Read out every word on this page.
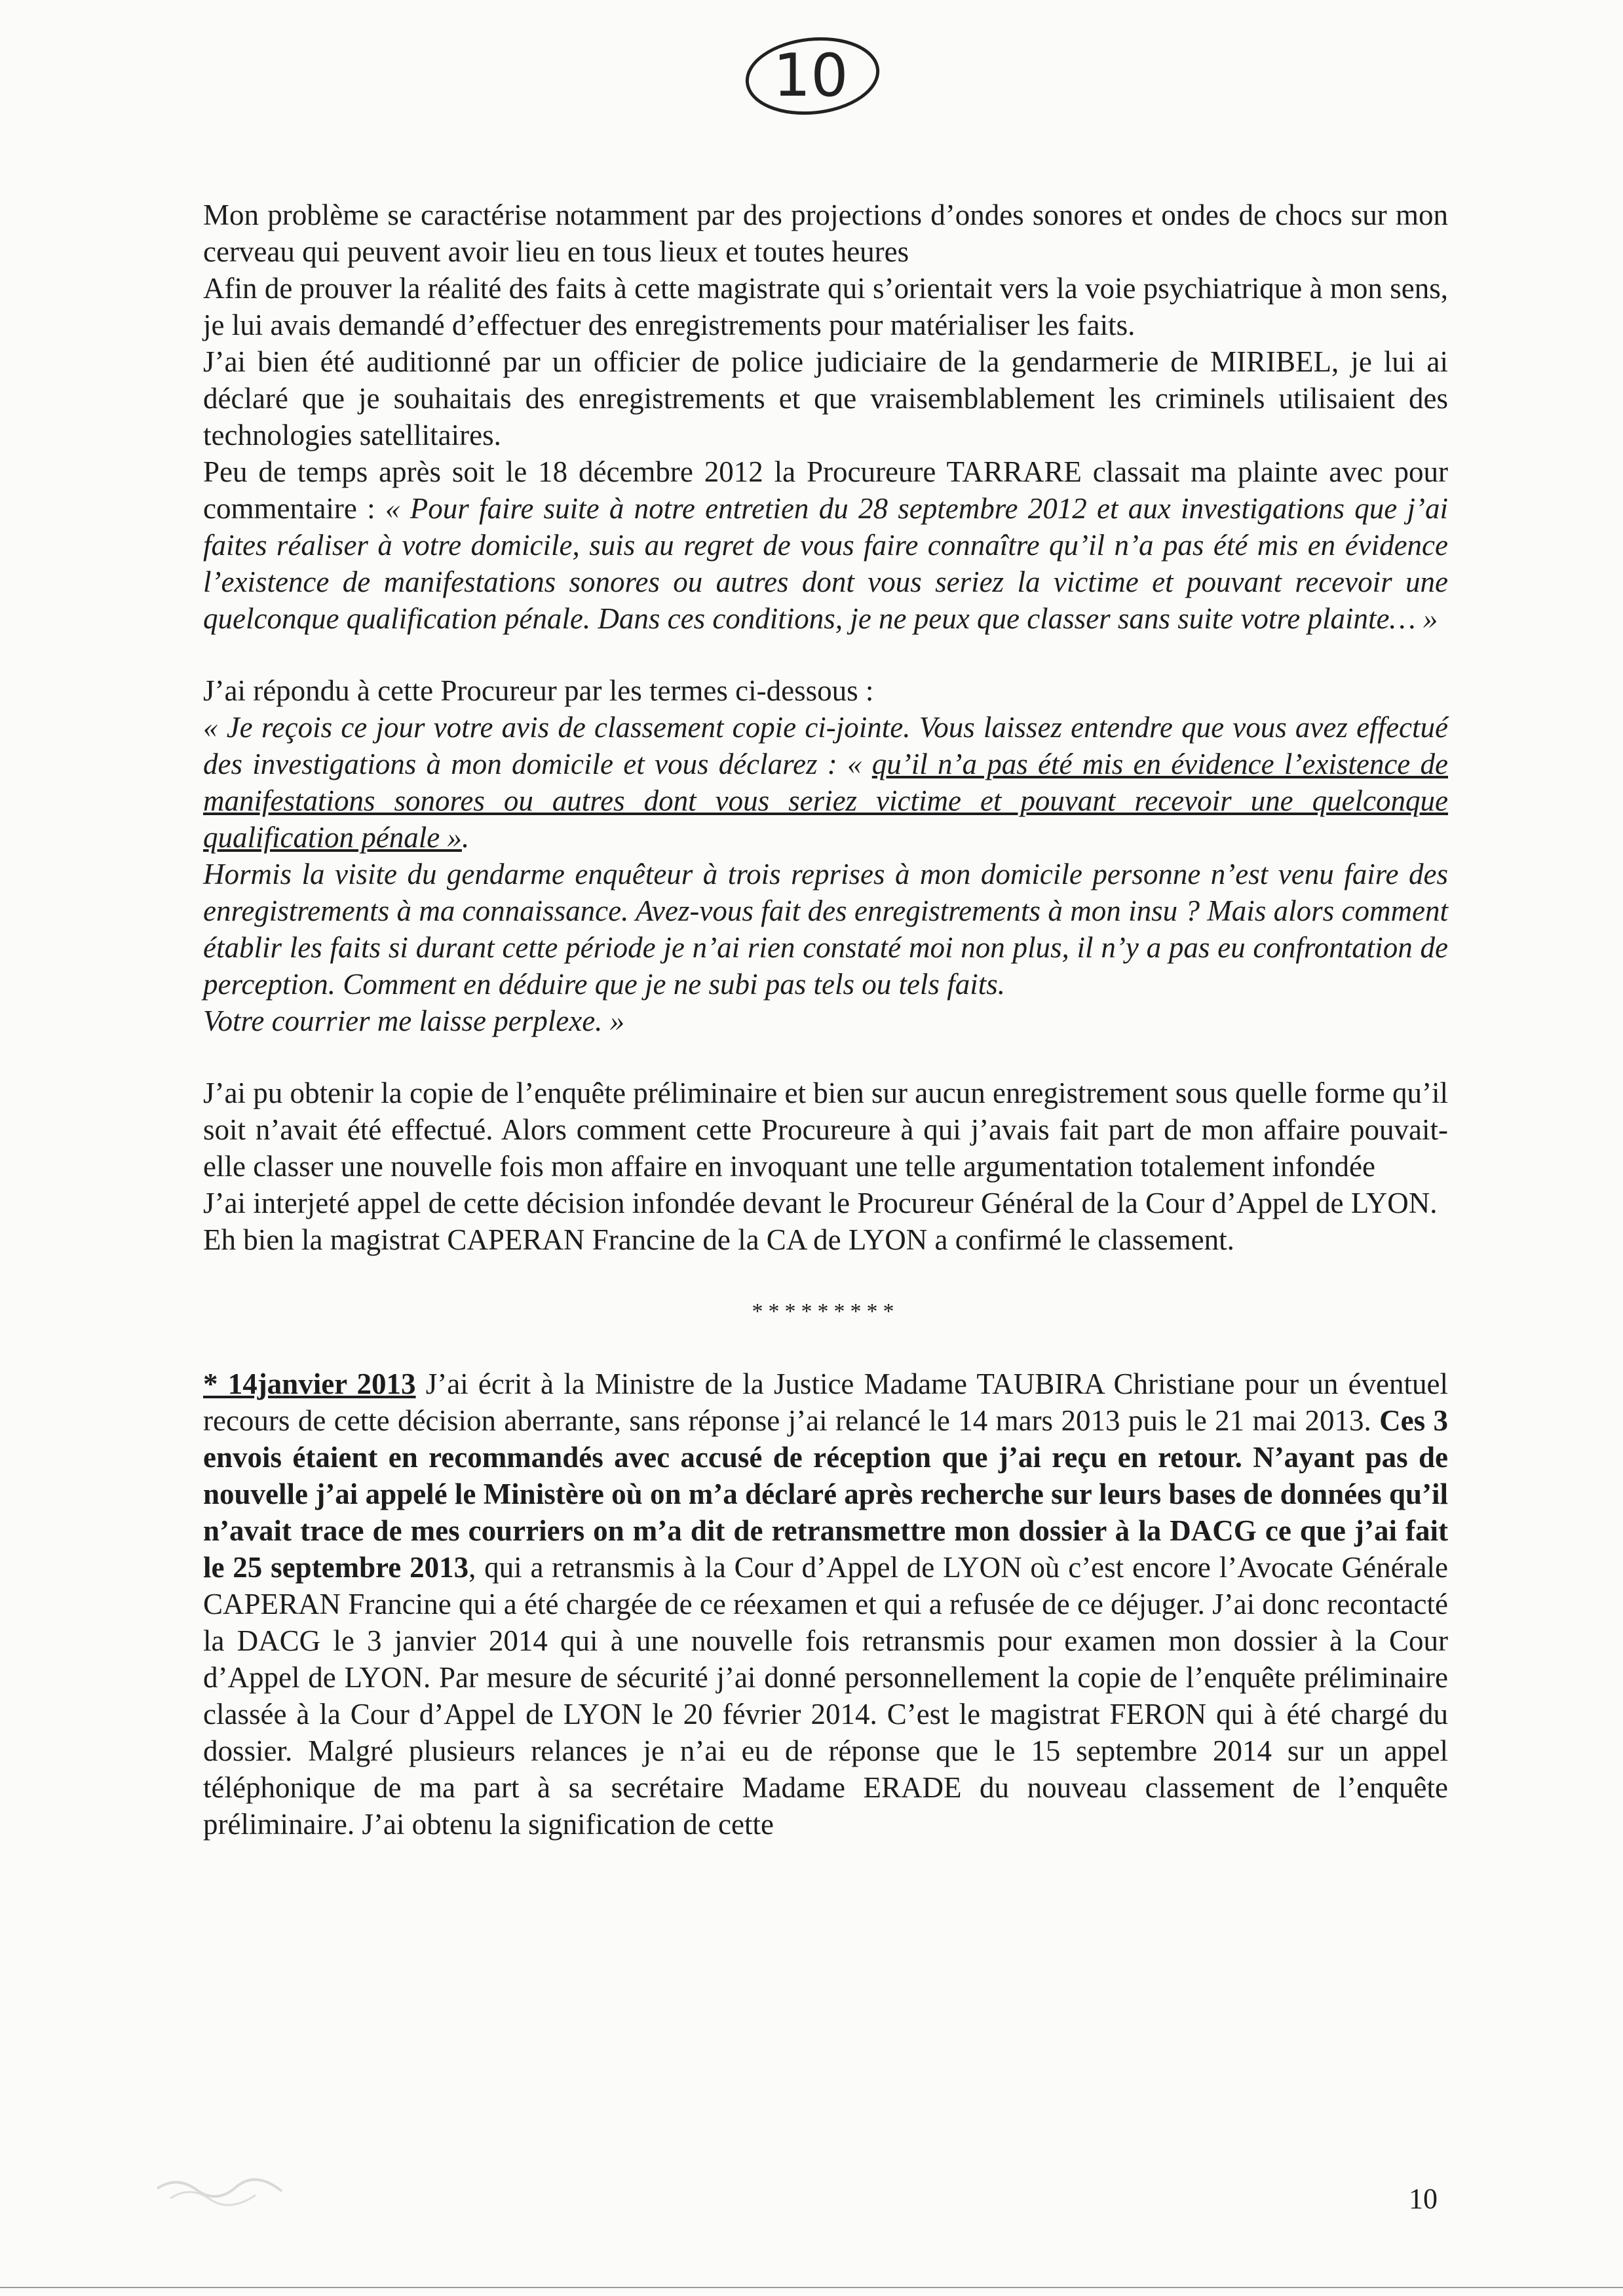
10

Mon problème se caractérise notamment par des projections d’ondes sonores et ondes de chocs sur mon cerveau qui peuvent avoir lieu en tous lieux et toutes heures

Afin de prouver la réalité des faits à cette magistrate qui s’orientait vers la voie psychiatrique à mon sens, je lui avais demandé d’effectuer des enregistrements pour matérialiser les faits.

J’ai bien été auditionné par un officier de police judiciaire de la gendarmerie de MIRIBEL, je lui ai déclaré que je souhaitais des enregistrements et que vraisemblablement les criminels utilisaient des technologies satellitaires.

Peu de temps après soit le 18 décembre 2012 la Procureure TARRARE classait ma plainte avec pour commentaire : « Pour faire suite à notre entretien du 28 septembre 2012 et aux investigations que j’ai faites réaliser à votre domicile, suis au regret de vous faire connaître qu’il n’a pas été mis en évidence l’existence de manifestations sonores ou autres dont vous seriez la victime et pouvant recevoir une quelconque qualification pénale. Dans ces conditions, je ne peux que classer sans suite votre plainte… »

J’ai répondu à cette Procureur par les termes ci-dessous :

« Je reçois ce jour votre avis de classement copie ci-jointe. Vous laissez entendre que vous avez effectué des investigations à mon domicile et vous déclarez : « qu’il n’a pas été mis en évidence l’existence de manifestations sonores ou autres dont vous seriez victime et pouvant recevoir une quelconque qualification pénale ».

Hormis la visite du gendarme enquêteur à trois reprises à mon domicile personne n’est venu faire des enregistrements à ma connaissance. Avez-vous fait des enregistrements à mon insu ? Mais alors comment établir les faits si durant cette période je n’ai rien constaté moi non plus, il n’y a pas eu confrontation de perception. Comment en déduire que je ne subi pas tels ou tels faits.

Votre courrier me laisse perplexe. »

J’ai pu obtenir la copie de l’enquête préliminaire et bien sur aucun enregistrement sous quelle forme qu’il soit n’avait été effectué. Alors comment cette Procureure à qui j’avais fait part de mon affaire pouvait-elle classer une nouvelle fois mon affaire en invoquant une telle argumentation totalement infondée

J’ai interjeté appel de cette décision infondée devant le Procureur Général de la Cour d’Appel de LYON.

Eh bien la magistrat CAPERAN Francine de la CA de LYON a confirmé le classement.

*********

* 14janvier 2013 J’ai écrit à la Ministre de la Justice Madame TAUBIRA Christiane pour un éventuel recours de cette décision aberrante, sans réponse j’ai relancé le 14 mars 2013 puis le 21 mai 2013. Ces 3 envois étaient en recommandés avec accusé de réception que j’ai reçu en retour. N’ayant pas de nouvelle j’ai appelé le Ministère où on m’a déclaré après recherche sur leurs bases de données qu’il n’avait trace de mes courriers on m’a dit de retransmettre mon dossier à la DACG ce que j’ai fait le 25 septembre 2013, qui a retransmis à la Cour d’Appel de LYON où c’est encore l’Avocate Générale CAPERAN Francine qui a été chargée de ce réexamen et qui a refusée de ce déjuger. J’ai donc recontacté la DACG le 3 janvier 2014 qui à une nouvelle fois retransmis pour examen mon dossier à la Cour d’Appel de LYON. Par mesure de sécurité j’ai donné personnellement la copie de l’enquête préliminaire classée à la Cour d’Appel de LYON le 20 février 2014. C’est le magistrat FERON qui à été chargé du dossier. Malgré plusieurs relances je n’ai eu de réponse que le 15 septembre 2014 sur un appel téléphonique de ma part à sa secrétaire Madame ERADE du nouveau classement de l’enquête préliminaire. J’ai obtenu la signification de cette

10
